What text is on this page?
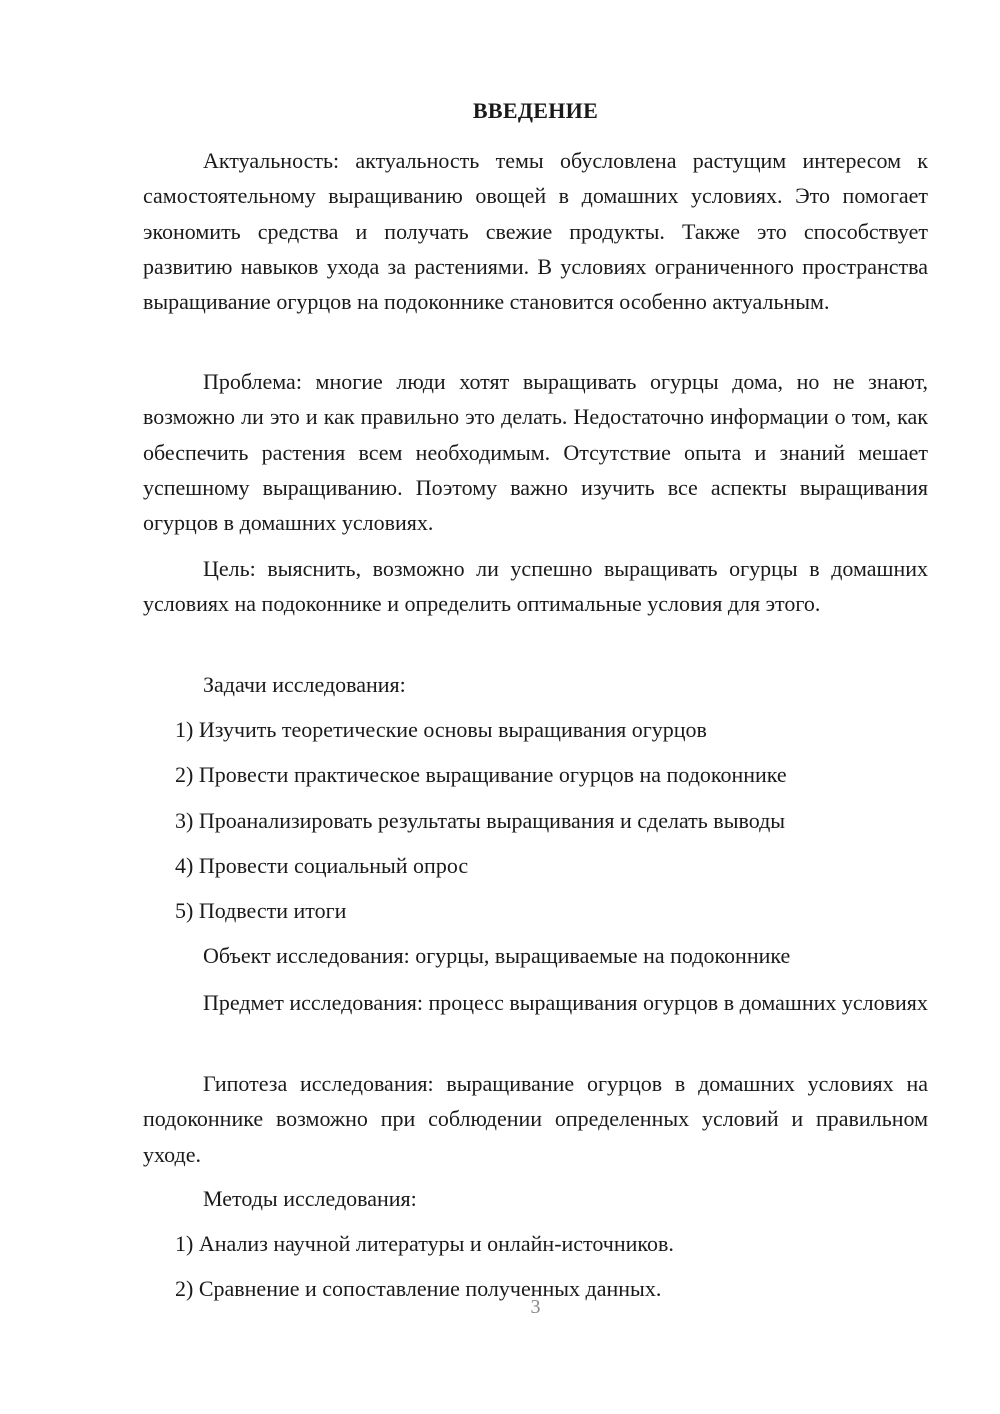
ВВЕДЕНИЕ

Актуальность: актуальность темы обусловлена растущим интересом к самостоятельному выращиванию овощей в домашних условиях. Это помогает экономить средства и получать свежие продукты. Также это способствует развитию навыков ухода за растениями. В условиях ограниченного пространства выращивание огурцов на подоконнике становится особенно актуальным.

Проблема: многие люди хотят выращивать огурцы дома, но не знают, возможно ли это и как правильно это делать. Недостаточно информации о том, как обеспечить растения всем необходимым. Отсутствие опыта и знаний мешает успешному выращиванию. Поэтому важно изучить все аспекты выращивания огурцов в домашних условиях.

Цель: выяснить, возможно ли успешно выращивать огурцы в домашних условиях на подоконнике и определить оптимальные условия для этого.

Задачи исследования:

1) Изучить теоретические основы выращивания огурцов

2) Провести практическое выращивание огурцов на подоконнике

3) Проанализировать результаты выращивания и сделать выводы

4) Провести социальный опрос

5) Подвести итоги

Объект исследования: огурцы, выращиваемые на подоконнике

Предмет исследования: процесс выращивания огурцов в домашних условиях

Гипотеза исследования: выращивание огурцов в домашних условиях на подоконнике возможно при соблюдении определенных условий и правильном уходе.

Методы исследования:

1) Анализ научной литературы и онлайн-источников.

2) Сравнение и сопоставление полученных данных.

3
